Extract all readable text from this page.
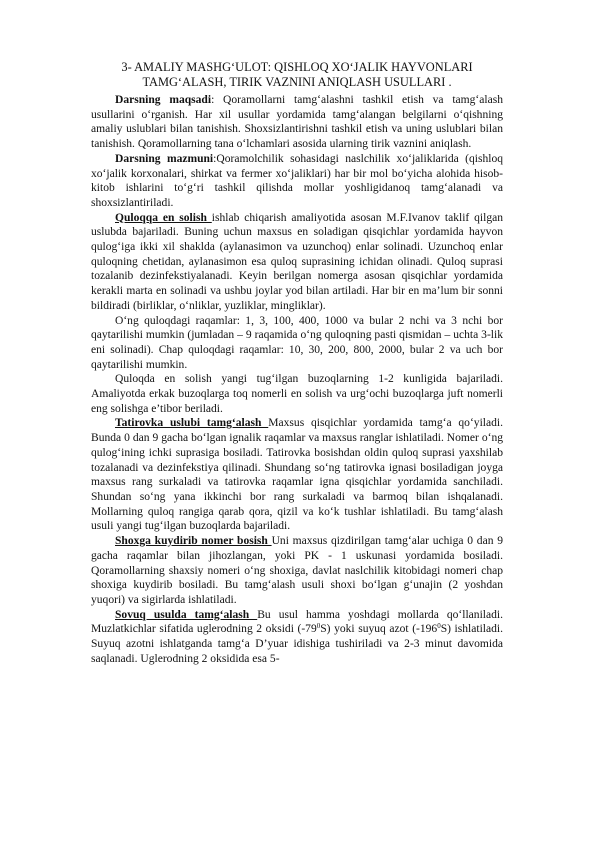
3- AMALIY MASHG‘ULOT: QISHLOQ XO‘JALIK HAYVONLARI
TAMG‘ALASH, TIRIK VAZNINI ANIQLASH USULLARI .

Darsning maqsadi: Qoramollarni tamg‘alashni tashkil etish va tamg‘alash usullarini o‘rganish. Har xil usullar yordamida tamg‘alangan belgilarni o‘qishning amaliy uslublari bilan tanishish. Shoxsizlantirishni tashkil etish va uning uslublari bilan tanishish. Qoramollarning tana o‘lchamlari asosida ularning tirik vaznini aniqlash.

Darsning mazmuni:Qoramolchilik sohasidagi naslchilik xo‘jaliklarida (qishloq xo‘jalik korxonalari, shirkat va fermer xo‘jaliklari) har bir mol bo‘yicha alohida hisob-kitob ishlarini to‘g‘ri tashkil qilishda mollar yoshligidanoq tamg‘alanadi va shoxsizlantiriladi.

Quloqqa en solish ishlab chiqarish amaliyotida asosan M.F.Ivanov taklif qilgan uslubda bajariladi. Buning uchun maxsus en soladigan qisqichlar yordamida hayvon qulog‘iga ikki xil shaklda (aylanasimon va uzunchoq) enlar solinadi. Uzunchoq enlar quloqning chetidan, aylanasimon esa quloq suprasining ichidan olinadi. Quloq suprasi tozalanib dezinfekstiyalanadi. Keyin berilgan nomerga asosan qisqichlar yordamida kerakli marta en solinadi va ushbu joylar yod bilan artiladi. Har bir en ma’lum bir sonni bildiradi (birliklar, o‘nliklar, yuzliklar, mingliklar).

O‘ng quloqdagi raqamlar: 1, 3, 100, 400, 1000 va bular 2 nchi va 3 nchi bor qaytarilishi mumkin (jumladan – 9 raqamida o‘ng quloqning pasti qismidan – uchta 3-lik eni solinadi). Chap quloqdagi raqamlar: 10, 30, 200, 800, 2000, bular 2 va uch bor qaytarilishi mumkin.

Quloqda en solish yangi tug‘ilgan buzoqlarning 1-2 kunligida bajariladi. Amaliyotda erkak buzoqlarga toq nomerli en solish va urg‘ochi buzoqlarga juft nomerli eng solishga e’tibor beriladi.

Tatirovka uslubi tamg‘alash Maxsus qisqichlar yordamida tamg‘a qo‘yiladi. Bunda 0 dan 9 gacha bo‘lgan ignalik raqamlar va maxsus ranglar ishlatiladi. Nomer o‘ng qulog‘ining ichki suprasiga bosiladi. Tatirovka bosishdan oldin quloq suprasi yaxshilab tozalanadi va dezinfekstiya qilinadi. Shundang so‘ng tatirovka ignasi bosiladigan joyga maxsus rang surkaladi va tatirovka raqamlar igna qisqichlar yordamida sanchiladi. Shundan so‘ng yana ikkinchi bor rang surkaladi va barmoq bilan ishqalanadi. Mollarning quloq rangiga qarab qora, qizil va ko‘k tushlar ishlatiladi. Bu tamg‘alash usuli yangi tug‘ilgan buzoqlarda bajariladi.

Shoxga kuydirib nomer bosish Uni maxsus qizdirilgan tamg‘alar uchiga 0 dan 9 gacha raqamlar bilan jihozlangan, yoki PK - 1 uskunasi yordamida bosiladi. Qoramollarning shaxsiy nomeri o‘ng shoxiga, davlat naslchilik kitobidagi nomeri chap shoxiga kuydirib bosiladi. Bu tamg‘alash usuli shoxi bo‘lgan g‘unajin (2 yoshdan yuqori) va sigirlarda ishlatiladi.

Sovuq usulda tamg‘alash Bu usul hamma yoshdagi mollarda qo‘llaniladi. Muzlatkichlar sifatida uglerodning 2 oksidi $(-79^0S)$ yoki suyuq azot $(-196^0S)$ ishlatiladi. Suyuq azotni ishlatganda tamg‘a D’yuar idishiga tushiriladi va 2-3 minut davomida saqlanadi. Uglerodning 2 oksidida esa 5-
